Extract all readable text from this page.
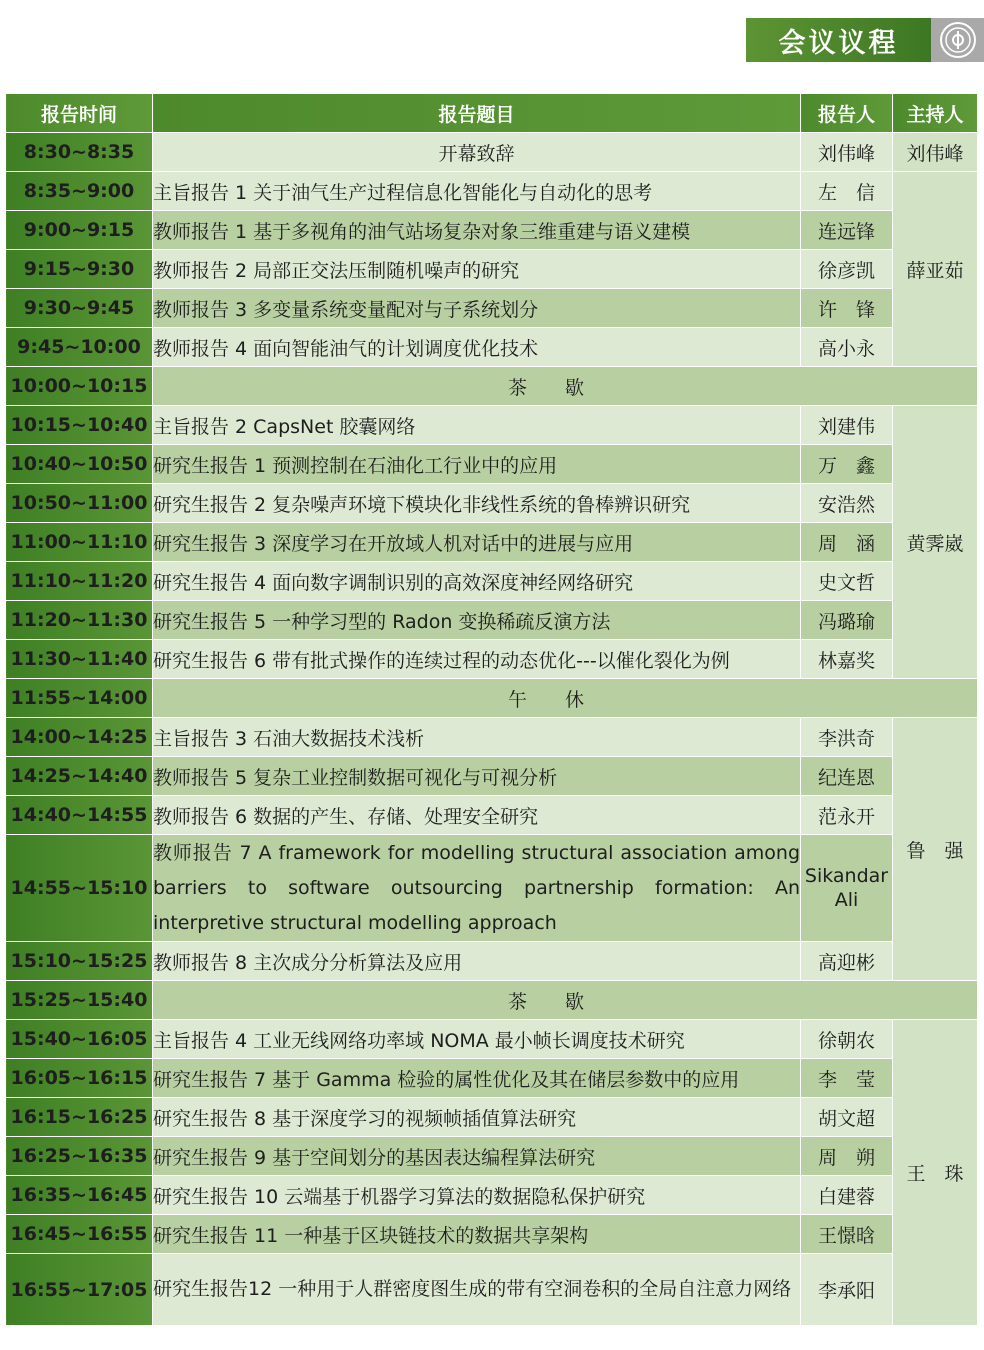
会议议程
报告时间	报告题目	报告人	主持人
8:30~8:35	开幕致辞	刘伟峰	刘伟峰
8:35~9:00	主旨报告 1 关于油气生产过程信息化智能化与自动化的思考	左　信	薛亚茹
9:00~9:15	教师报告 1 基于多视角的油气站场复杂对象三维重建与语义建模	连远锋	
9:15~9:30	教师报告 2 局部正交法压制随机噪声的研究	徐彦凯	
9:30~9:45	教师报告 3 多变量系统变量配对与子系统划分	许　锋	
9:45~10:00	教师报告 4 面向智能油气的计划调度优化技术	高小永	
10:00~10:15	茶歇		
10:15~10:40	主旨报告 2 CapsNet 胶囊网络	刘建伟	黄霁崴
10:40~10:50	研究生报告 1 预测控制在石油化工行业中的应用	万　鑫	
10:50~11:00	研究生报告 2 复杂噪声环境下模块化非线性系统的鲁棒辨识研究	安浩然	
11:00~11:10	研究生报告 3 深度学习在开放域人机对话中的进展与应用	周　涵	
11:10~11:20	研究生报告 4 面向数字调制识别的高效深度神经网络研究	史文哲	
11:20~11:30	研究生报告 5 一种学习型的 Radon 变换稀疏反演方法	冯璐瑜	
11:30~11:40	研究生报告 6 带有批式操作的连续过程的动态优化---以催化裂化为例	林嘉奖	
11:55~14:00	午休		
14:00~14:25	主旨报告 3 石油大数据技术浅析	李洪奇	鲁　强
14:25~14:40	教师报告 5 复杂工业控制数据可视化与可视分析	纪连恩	
14:40~14:55	教师报告 6 数据的产生、存储、处理安全研究	范永开	
14:55~15:10	教师报告 7 A framework for modelling structural association among barriers to software outsourcing partnership formation: An interpretive structural modelling approach	Sikandar Ali	
15:10~15:25	教师报告 8 主次成分分析算法及应用	高迎彬	
15:25~15:40	茶歇		
15:40~16:05	主旨报告 4 工业无线网络功率域 NOMA 最小帧长调度技术研究	徐朝农	王　珠
16:05~16:15	研究生报告 7 基于 Gamma 检验的属性优化及其在储层参数中的应用	李　莹	
16:15~16:25	研究生报告 8 基于深度学习的视频帧插值算法研究	胡文超	
16:25~16:35	研究生报告 9 基于空间划分的基因表达编程算法研究	周　朔	
16:35~16:45	研究生报告 10 云端基于机器学习算法的数据隐私保护研究	白建蓉	
16:45~16:55	研究生报告 11 一种基于区块链技术的数据共享架构	王憬晗	
16:55~17:05	研究生报告12 一种用于人群密度图生成的带有空洞卷积的全局自注意力网络	李承阳	
